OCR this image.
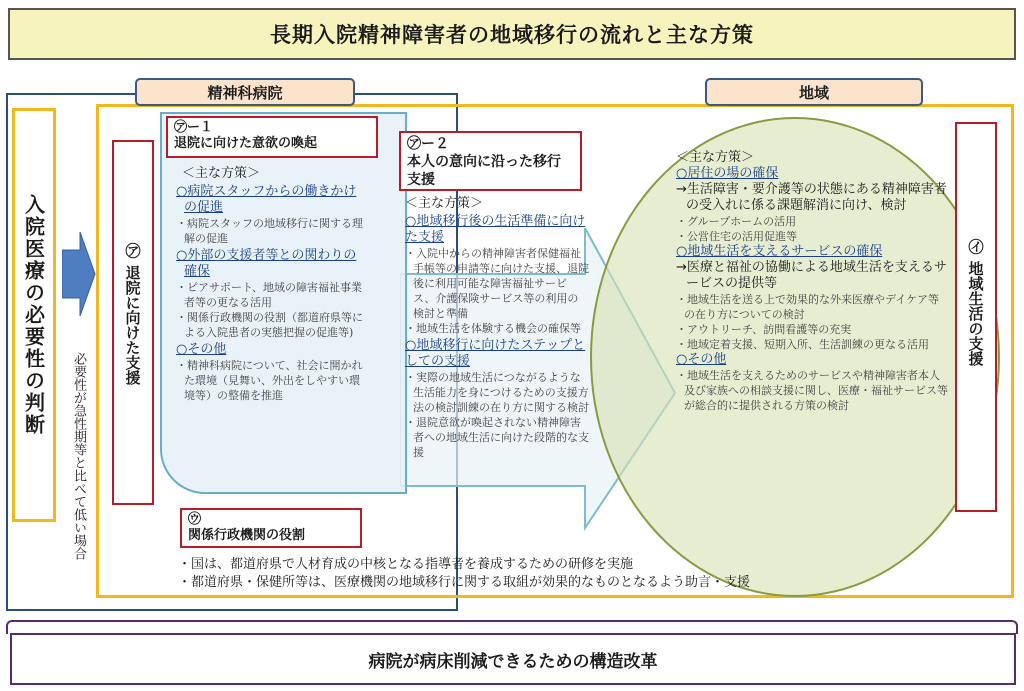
長期入院精神障害者の地域移行の流れと主な方策
精神科病院	地域
入院医療の必要性の判断
必要性が急性期等と比べて低い場合
㋐
退院に向けた支援
㋑
地域生活の支援
㋐ー１
退院に向けた意欲の喚起
＜主な方策＞
○病院スタッフからの働きかけの促進
・病院スタッフの地域移行に関する理解の促進
○外部の支援者等との関わりの確保
・ピアサポート、地域の障害福祉事業者等の更なる活用
・関係行政機関の役割（都道府県等による入院患者の実態把握の促進等)
○その他
・精神科病院について、社会に開かれた環境（見舞い、外出をしやすい環境等）の整備を推進
㋐ー２
本人の意向に沿った移行支援
＜主な方策＞
○地域移行後の生活準備に向けた支援
・入院中からの精神障害者保健福祉手帳等の申請等に向けた支援、退院後に利用可能な障害福祉サービス、介護保険サービス等の利用の検討と準備
・地域生活を体験する機会の確保等
○地域移行に向けたステップとしての支援
・実際の地域生活につながるような生活能力を身につけるための支援方法の検討訓練の在り方に関する検討
・退院意欲が喚起されない精神障害者への地域生活に向けた段階的な支援
㋒
関係行政機関の役割
・国は、都道府県で人材育成の中核となる指導者を養成するための研修を実施
・都道府県・保健所等は、医療機関の地域移行に関する取組が効果的なものとなるよう助言・支援
＜主な方策＞
○居住の場の確保
→生活障害・要介護等の状態にある精神障害者の受入れに係る課題解消に向け、検討
・グループホームの活用
・公営住宅の活用促進等
○地域生活を支えるサービスの確保
→医療と福祉の協働による地域生活を支えるサービスの提供等
・地域生活を送る上で効果的な外来医療やデイケア等の在り方についての検討
・アウトリーチ、訪問看護等の充実
・地域定着支援、短期入所、生活訓練の更なる活用
○その他
・地域生活を支えるためのサービスや精神障害者本人及び家族への相談支援に関し、医療・福祉サービス等が総合的に提供される方策の検討
病院が病床削減できるための構造改革
